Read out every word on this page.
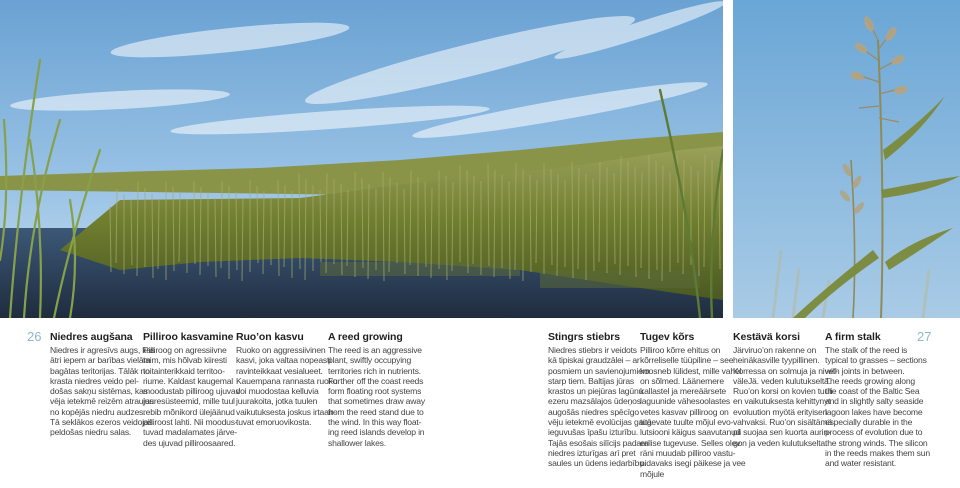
26	27
Niedres augšana

Niedres ir agresīvs augs, kas
ātri iepem ar barības vielām
bagātas teritorijas. Tālāk no
krasta niedres veido pel-
došas sakņu sistēmas, kas
vēja ietekmē reizēm atraujas
no kopējās niedru audzes.
Tā seklākos ezeros veidojas
peldošas niedru salas.

Pilliroo kasvamine

Pilliroog on agressiivne
taim, mis hõlvab kiiresti
toitainterikkaid territoo-
riume. Kaldast kaugemal
moodustab pilliroog ujuvad
juuresüsteemid, mille tuul
rebib mõnikord ülejäänud
pilliroost lahti. Nii moodus-
tuvad madalamates järve-
des ujuvad pilliroosaared.

Ruo’on kasvu

Ruoko on aggressiivinen
kasvi, joka valtaa nopeasti
ravinteikkaat vesialueet.
Kauempana rannasta ruoko
voi muodostaa kelluvia
juurakoita, jotka tuulen
vaikutuksesta joskus irtaan-
tuvat emoruovikosta.

A reed growing

The reed is an aggressive
plant, swiftly occupying
territories rich in nutrients.
Further off the coast reeds
form floating root systems
that sometimes draw away
from the reed stand due to
the wind. In this way float-
ing reed islands develop in
shallower lakes.

Stingrs stiebrs

Niedres stiebrs ir veidots
kā tipiskai graudzālei – ar
posmiem un savienojumiem
starp tiem. Baltijas jūras
krastos un piejūras lagūnu
ezeru mazsālajos ūdeņos
augošās niedres spēcīgo
vēju ietekmē evolūcijas gaitā
ieguvušas īpašu izturību.
Tajās esošais silīcijs padara
niedres izturīgas arī pret
saules un ūdens iedarbību.

Tugev kõrs

Pilliroo kõrre ehitus on
kõrreliselle tüüpiline – see
koosneb lülidest, mille vahel
on sõlmed. Läänemere
kallastel ja mereäärsete
laguunide vähesoolastes
vetes kasvav pilliroog on
tugevate tuulte mõjul evo-
lutsiooni käigus saavutanud
erilise tugevuse. Selles olev
räni muudab pilliroo vastu-
pidavaks isegi päikese ja vee
mõjule

Kestävä korsi

Järviruo’on rakenne on
heinäkasville tyypillinen.
Korressa on solmuja ja nivel-
väleJä. veden kulutukselta.
Ruo’on korsi on kovien tuuli-
en vaikutuksesta kehittynyt
evoluution myötä erityisen
vahvaksi. Ruo’on sisältämä
pii suojaa sen kuorta aurin-
gon ja veden kulutukselta.

A firm stalk

The stalk of the reed is
typical to grasses – sections
with joints in between.
The reeds growing along
the coast of the Baltic Sea
and in slightly salty seaside
lagoon lakes have become
especially durable in the
process of evolution due to
the strong winds. The silicon
in the reeds makes them sun
and water resistant.
